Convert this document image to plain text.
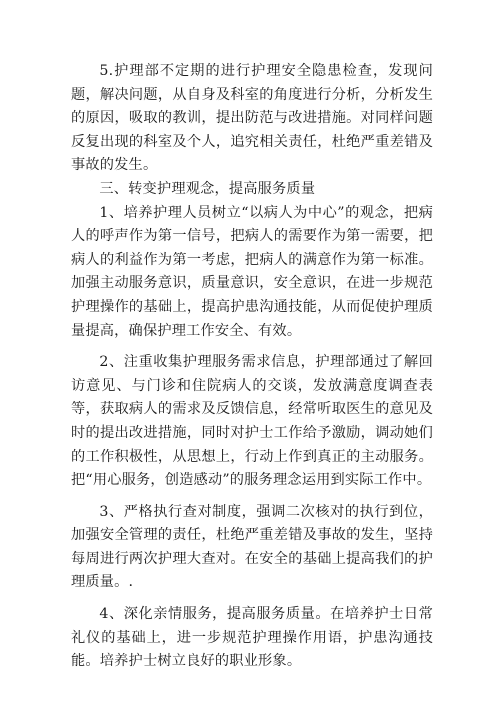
5.护理部不定期的进行护理安全隐患检查，发现问题，解决问题，从自身及科室的角度进行分析，分析发生的原因，吸取的教训，提出防范与改进措施。对同样问题反复出现的科室及个人，追究相关责任，杜绝严重差错及事故的发生。

三、转变护理观念，提高服务质量

1、培养护理人员树立“以病人为中心”的观念，把病人的呼声作为第一信号，把病人的需要作为第一需要，把病人的利益作为第一考虑，把病人的满意作为第一标准。加强主动服务意识，质量意识，安全意识，在进一步规范护理操作的基础上，提高护患沟通技能，从而促使护理质量提高，确保护理工作安全、有效。

2、注重收集护理服务需求信息，护理部通过了解回访意见、与门诊和住院病人的交谈，发放满意度调查表等，获取病人的需求及反馈信息，经常听取医生的意见及时的提出改进措施，同时对护士工作给予激励，调动她们的工作积极性，从思想上，行动上作到真正的主动服务。把“用心服务，创造感动”的服务理念运用到实际工作中。

3、严格执行查对制度，强调二次核对的执行到位，加强安全管理的责任，杜绝严重差错及事故的发生，坚持每周进行两次护理大查对。在安全的基础上提高我们的护理质量。.

4、深化亲情服务，提高服务质量。在培养护士日常礼仪的基础上，进一步规范护理操作用语，护患沟通技能。培养护士树立良好的职业形象。
